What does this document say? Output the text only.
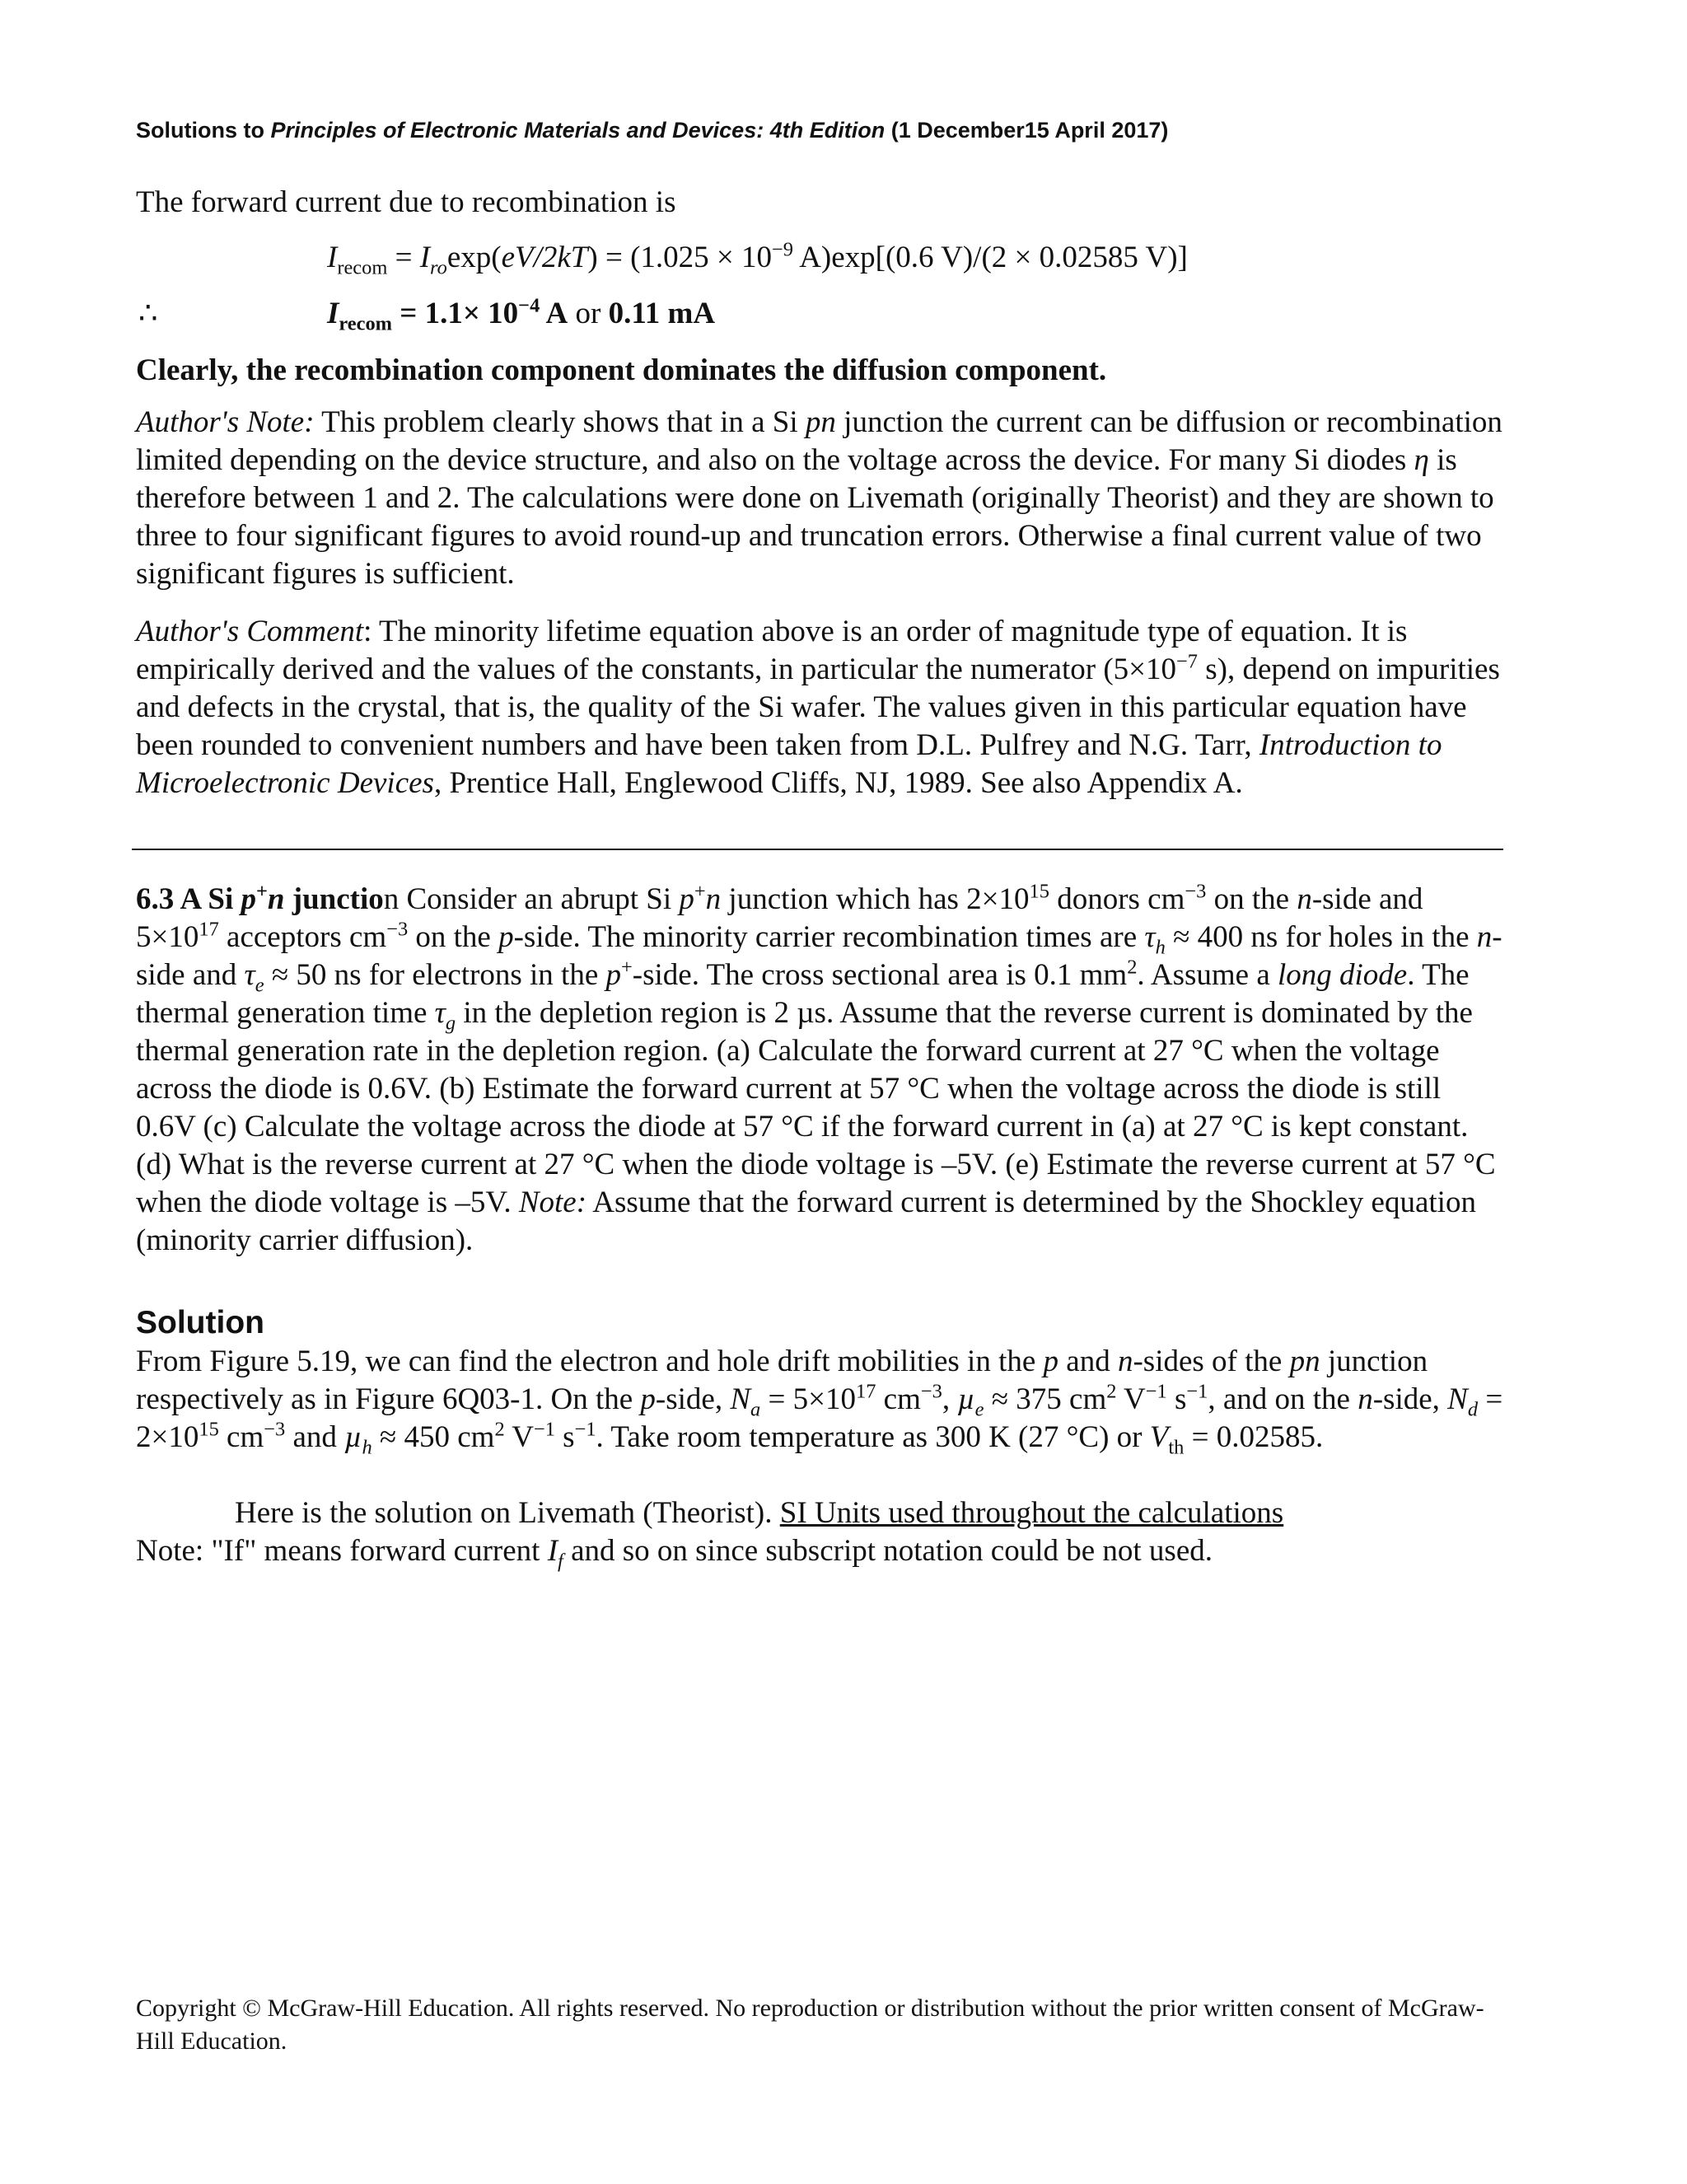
Solutions to Principles of Electronic Materials and Devices: 4th Edition (1 December15 April 2017)
The forward current due to recombination is
$I_{recom} = I_{ro}\exp(eV/2kT) = (1.025 \times 10^{-9}$ A)exp[(0.6 V)/(2 × 0.02585 V)]
∴	$I_{recom} = 1.1\times 10^{-4}$ A or 0.11 mA
Clearly, the recombination component dominates the diffusion component.
Author's Note: This problem clearly shows that in a Si pn junction the current can be diffusion or recombination limited depending on the device structure, and also on the voltage across the device. For many Si diodes η is therefore between 1 and 2. The calculations were done on Livemath (originally Theorist) and they are shown to three to four significant figures to avoid round-up and truncation errors. Otherwise a final current value of two significant figures is sufficient.
Author's Comment: The minority lifetime equation above is an order of magnitude type of equation. It is empirically derived and the values of the constants, in particular the numerator ($5\times 10^{-7}$ s), depend on impurities and defects in the crystal, that is, the quality of the Si wafer. The values given in this particular equation have been rounded to convenient numbers and have been taken from D.L. Pulfrey and N.G. Tarr, Introduction to Microelectronic Devices, Prentice Hall, Englewood Cliffs, NJ, 1989. See also Appendix A.
6.3 A Si p+n junction Consider an abrupt Si p+n junction which has $2\times 10^{15}$ donors $cm^{-3}$ on the n-side and $5\times 10^{17}$ acceptors $cm^{-3}$ on the p-side. The minority carrier recombination times are $\tau_h \approx 400$ ns for holes in the n-side and $\tau_e \approx 50$ ns for electrons in the p+-side. The cross sectional area is 0.1 $mm^2$. Assume a long diode. The thermal generation time $\tau_g$ in the depletion region is 2 µs. Assume that the reverse current is dominated by the thermal generation rate in the depletion region. (a) Calculate the forward current at 27 °C when the voltage across the diode is 0.6V. (b) Estimate the forward current at 57 °C when the voltage across the diode is still 0.6V (c) Calculate the voltage across the diode at 57 °C if the forward current in (a) at 27 °C is kept constant. (d) What is the reverse current at 27 °C when the diode voltage is –5V. (e) Estimate the reverse current at 57 °C when the diode voltage is –5V. Note: Assume that the forward current is determined by the Shockley equation (minority carrier diffusion).
Solution
From Figure 5.19, we can find the electron and hole drift mobilities in the p and n-sides of the pn junction respectively as in Figure 6Q03-1. On the p-side, $N_a = 5\times 10^{17}$ $cm^{-3}$, µ$_e$ ≈ 375 $cm^2$ $V^{-1}$ $s^{-1}$, and on the n-side, $N_d = 2\times 10^{15}$ $cm^{-3}$ and µ$_h$ ≈ 450 $cm^2$ $V^{-1}$ $s^{-1}$. Take room temperature as 300 K (27 °C) or $V_{th} = 0.02585$.
Here is the solution on Livemath (Theorist). SI Units used throughout the calculations
Note: "If" means forward current $I_f$ and so on since subscript notation could be not used.
Copyright © McGraw-Hill Education. All rights reserved. No reproduction or distribution without the prior written consent of McGraw-Hill Education.
